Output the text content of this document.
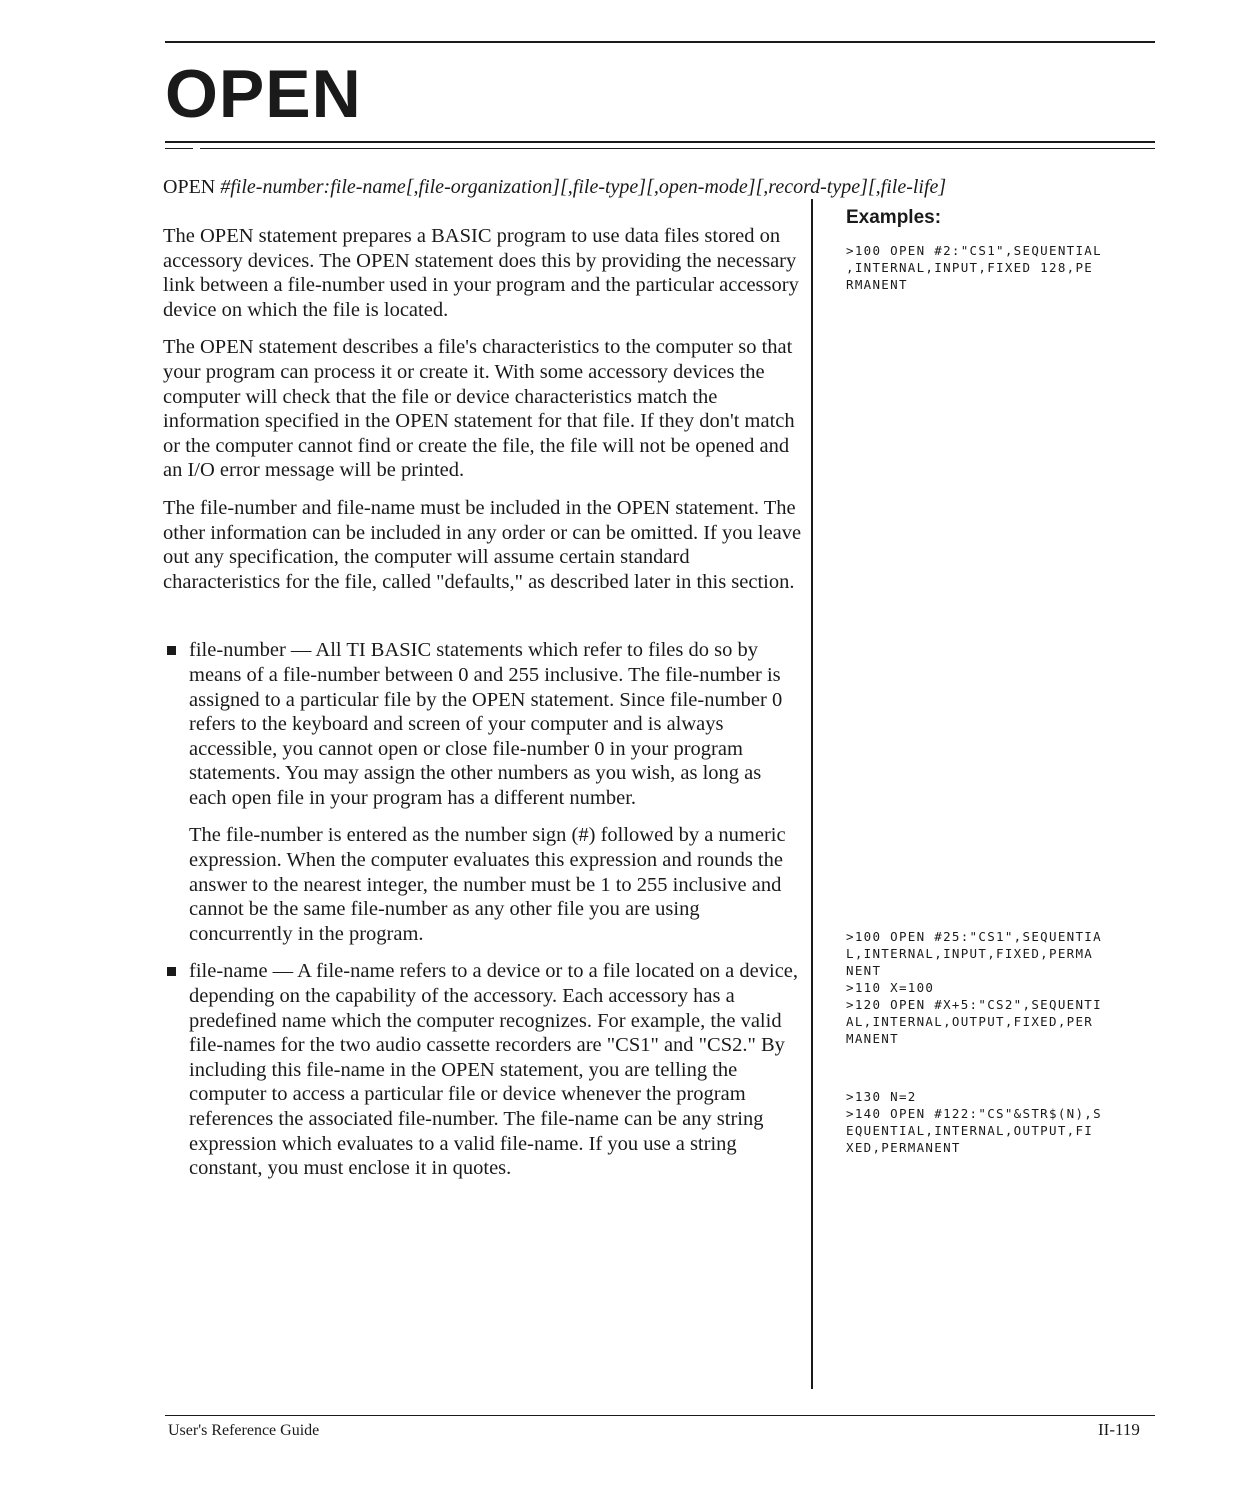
OPEN
OPEN #file-number:file-name[,file-organization][,file-type][,open-mode][,record-type][,file-life]

The OPEN statement prepares a BASIC program to use data files stored on accessory devices. The OPEN statement does this by providing the necessary link between a file-number used in your program and the particular accessory device on which the file is located.

The OPEN statement describes a file's characteristics to the computer so that your program can process it or create it. With some accessory devices the computer will check that the file or device characteristics match the information specified in the OPEN statement for that file. If they don't match or the computer cannot find or create the file, the file will not be opened and an I/O error message will be printed.

The file-number and file-name must be included in the OPEN statement. The other information can be included in any order or can be omitted. If you leave out any specification, the computer will assume certain standard characteristics for the file, called "defaults," as described later in this section.

file-number — All TI BASIC statements which refer to files do so by means of a file-number between 0 and 255 inclusive. The file-number is assigned to a particular file by the OPEN statement. Since file-number 0 refers to the keyboard and screen of your computer and is always accessible, you cannot open or close file-number 0 in your program statements. You may assign the other numbers as you wish, as long as each open file in your program has a different number.

The file-number is entered as the number sign (#) followed by a numeric expression. When the computer evaluates this expression and rounds the answer to the nearest integer, the number must be 1 to 255 inclusive and cannot be the same file-number as any other file you are using concurrently in the program.

file-name — A file-name refers to a device or to a file located on a device, depending on the capability of the accessory. Each accessory has a predefined name which the computer recognizes. For example, the valid file-names for the two audio cassette recorders are "CS1" and "CS2." By including this file-name in the OPEN statement, you are telling the computer to access a particular file or device whenever the program references the associated file-number. The file-name can be any string expression which evaluates to a valid file-name. If you use a string constant, you must enclose it in quotes.

Examples:
>100 OPEN #2:"CS1",SEQUENTIAL
,INTERNAL,INPUT,FIXED 128,PE
RMANENT
>100 OPEN #25:"CS1",SEQUENTIA
L,INTERNAL,INPUT,FIXED,PERMA
NENT
>110 X=100
>120 OPEN #X+5:"CS2",SEQUENTI
AL,INTERNAL,OUTPUT,FIXED,PER
MANENT
>130 N=2
>140 OPEN #122:"CS"&STR$(N),S
EQUENTIAL,INTERNAL,OUTPUT,FI
XED,PERMANENT
User's Reference Guide	II-119
